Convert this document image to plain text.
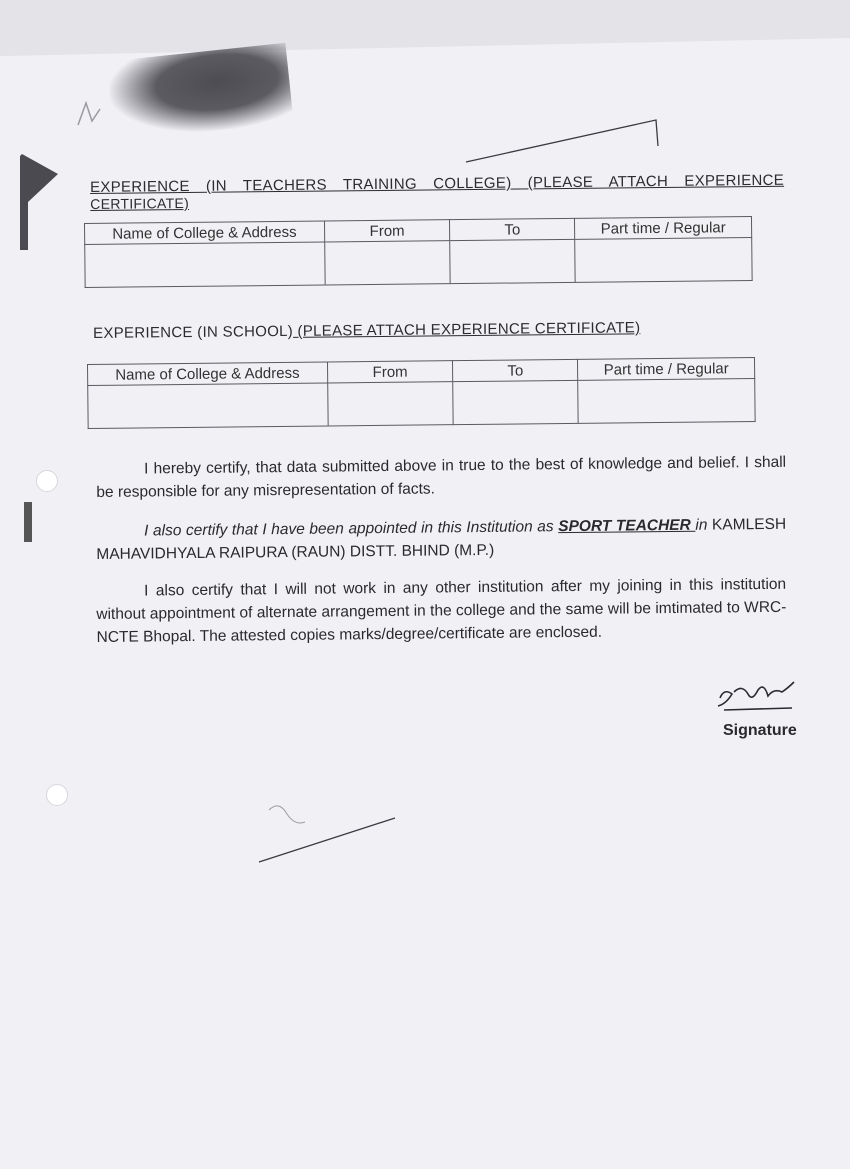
EXPERIENCE (IN TEACHERS TRAINING COLLEGE) (PLEASE ATTACH EXPERIENCE
CERTIFICATE)
Name of College & Address	From	To	Part time / Regular

EXPERIENCE (IN SCHOOL) (PLEASE ATTACH EXPERIENCE CERTIFICATE)
Name of College & Address	From	To	Part time / Regular

I hereby certify, that data submitted above in true to the best of knowledge and belief. I shall be responsible for any misrepresentation of facts.
I also certify that I have been appointed in this Institution as SPORT TEACHER in KAMLESH MAHAVIDHYALA RAIPURA (RAUN) DISTT. BHIND (M.P.)
I also certify that I will not work in any other institution after my joining in this institution without appointment of alternate arrangement in the college and the same will be imtimated to WRC-NCTE Bhopal. The attested copies marks/degree/certificate are enclosed.
Signature
